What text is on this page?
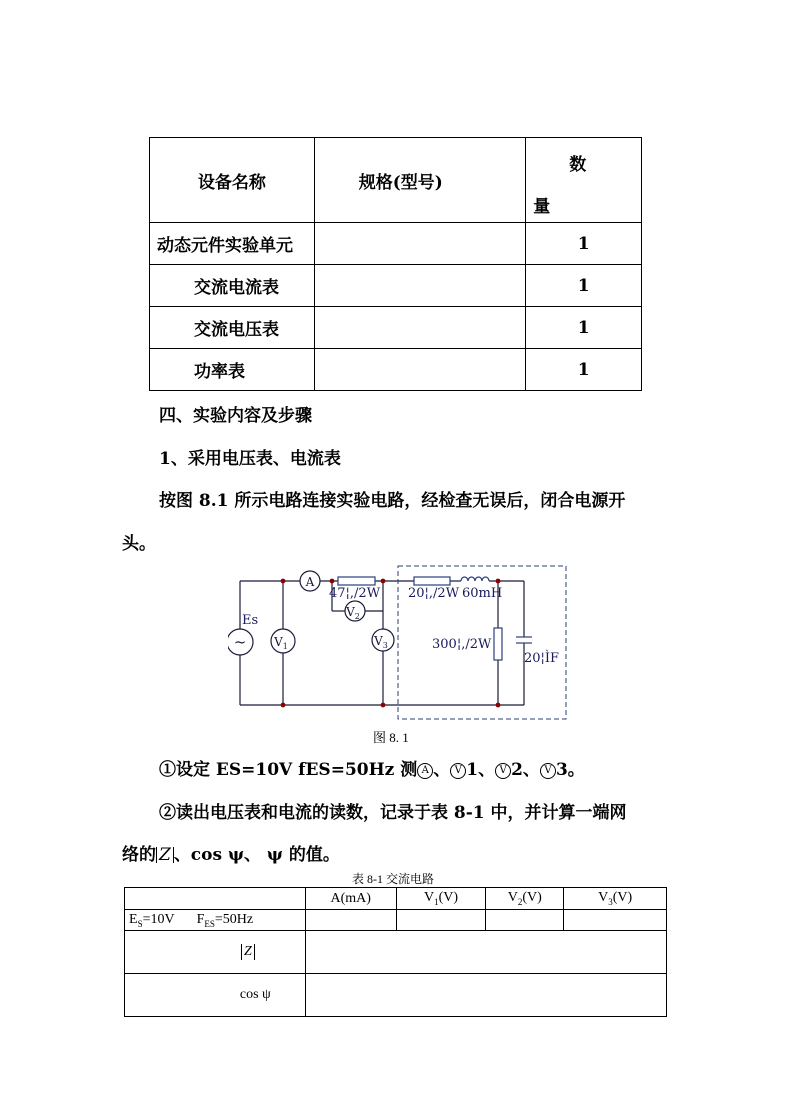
设备名称	规格(型号)	数
量

动态元件实验单元		1
交流电流表		1
交流电压表		1
功率表		1
四、实验内容及步骤
1、采用电压表、电流表
按图 8.1 所示电路连接实验电路，经检查无误后，闭合电源开
头。
~
Es
A
$V_2$
$V_1$	$V_3$
47¦,/2W 20¦,/2W 60mH
300¦,/2W
20¦ÌF
图 8. 1
①设定 ES=10V fES=50Hz 测 A 、 V 1、 V 2、 V 3。
②读出电压表和电流的读数，记录于表 8-1 中，并计算一端网
络的 Z 、cos ψ、 ψ 的值。
表 8-1 交流电路
	A(mA)	$V_1(V)$	$V_2(V)$	$V_3(V)$
$E_S=10V$ $F_{ES}=50Hz$				
Z				
cos ψ				
